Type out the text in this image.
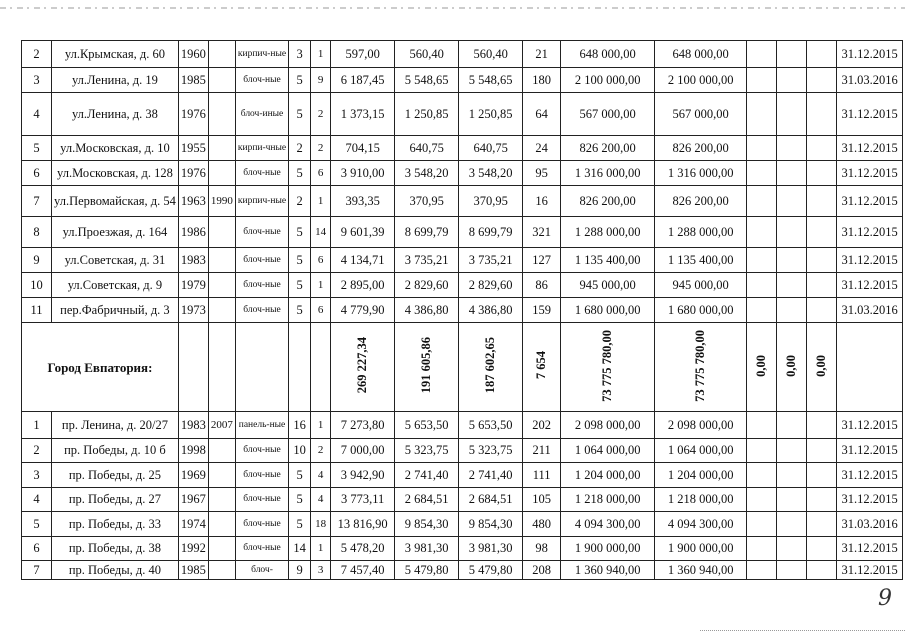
2	ул.Крымская, д. 60	1960		кирпич-ные	3	1	597,00	560,40	560,40	21	648 000,00	648 000,00				31.12.2015
3	ул.Ленина, д. 19	1985		блоч-ные	5	9	6 187,45	5 548,65	5 548,65	180	2 100 000,00	2 100 000,00				31.03.2016
4	ул.Ленина, д. 38	1976		блоч-иные	5	2	1 373,15	1 250,85	1 250,85	64	567 000,00	567 000,00				31.12.2015
5	ул.Московская, д. 10	1955		кирпи-чные	2	2	704,15	640,75	640,75	24	826 200,00	826 200,00				31.12.2015
6	ул.Московская, д. 128	1976		блоч-ные	5	6	3 910,00	3 548,20	3 548,20	95	1 316 000,00	1 316 000,00				31.12.2015
7	ул.Первомайская, д. 54	1963	1990	кирпич-ные	2	1	393,35	370,95	370,95	16	826 200,00	826 200,00				31.12.2015
8	ул.Проезжая, д. 164	1986		блоч-ные	5	14	9 601,39	8 699,79	8 699,79	321	1 288 000,00	1 288 000,00				31.12.2015
9	ул.Советская, д. 31	1983		блоч-ные	5	6	4 134,71	3 735,21	3 735,21	127	1 135 400,00	1 135 400,00				31.12.2015
10	ул.Советская, д. 9	1979		блоч-ные	5	1	2 895,00	2 829,60	2 829,60	86	945 000,00	945 000,00				31.12.2015
11	пер.Фабричный, д. 3	1973		блоч-ные	5	6	4 779,90	4 386,80	4 386,80	159	1 680 000,00	1 680 000,00				31.03.2016
Город Евпатория:							269 227,34	191 605,86	187 602,65	7 654	73 775 780,00	73 775 780,00	0,00	0,00	0,00	
1	пр. Ленина, д. 20/27	1983	2007	панель-ные	16	1	7 273,80	5 653,50	5 653,50	202	2 098 000,00	2 098 000,00				31.12.2015
2	пр. Победы, д. 10 б	1998		блоч-ные	10	2	7 000,00	5 323,75	5 323,75	211	1 064 000,00	1 064 000,00				31.12.2015
3	пр. Победы, д. 25	1969		блоч-ные	5	4	3 942,90	2 741,40	2 741,40	111	1 204 000,00	1 204 000,00				31.12.2015
4	пр. Победы, д. 27	1967		блоч-ные	5	4	3 773,11	2 684,51	2 684,51	105	1 218 000,00	1 218 000,00				31.12.2015
5	пр. Победы, д. 33	1974		блоч-ные	5	18	13 816,90	9 854,30	9 854,30	480	4 094 300,00	4 094 300,00				31.03.2016
6	пр. Победы, д. 38	1992		блоч-ные	14	1	5 478,20	3 981,30	3 981,30	98	1 900 000,00	1 900 000,00				31.12.2015
7	пр. Победы, д. 40	1985		блоч-	9	3	7 457,40	5 479,80	5 479,80	208	1 360 940,00	1 360 940,00				31.12.2015
9
